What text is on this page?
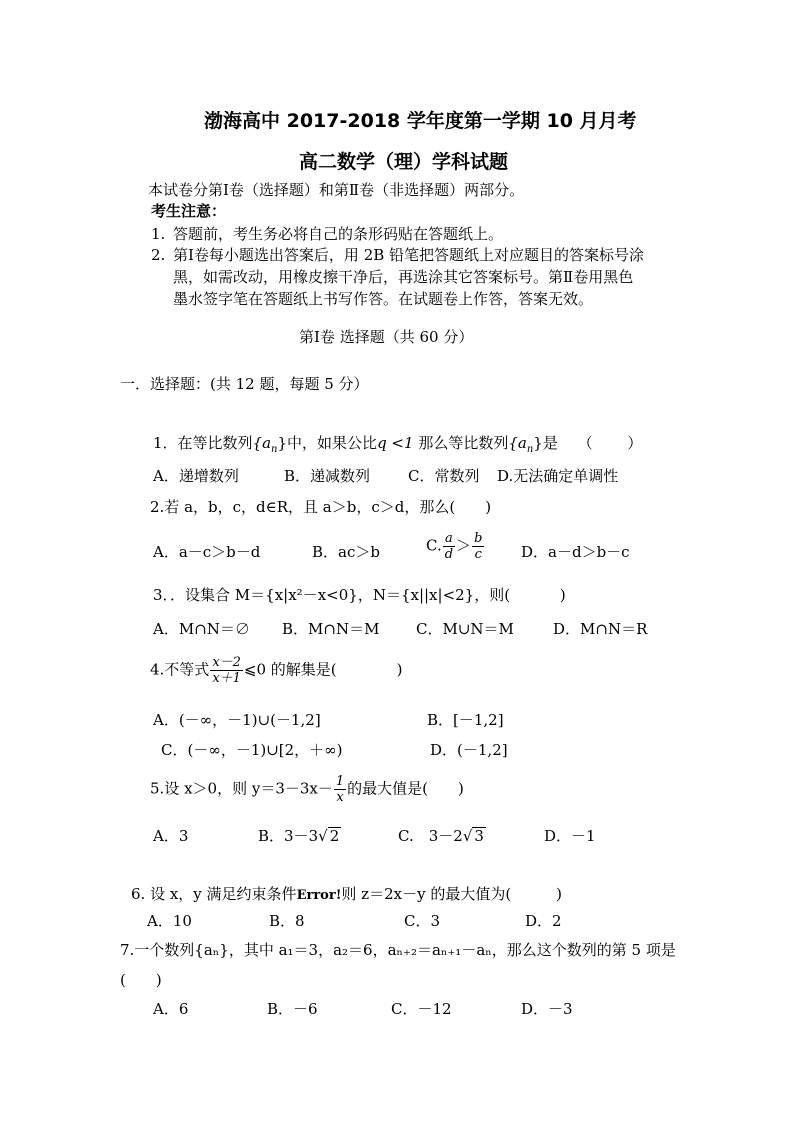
渤海高中 2017-2018 学年度第一学期 10 月月考
高二数学（理）学科试题
本试卷分第Ⅰ卷（选择题）和第Ⅱ卷（非选择题）两部分。
考生注意：
1. 答题前，考生务必将自己的条形码贴在答题纸上。
2. 第Ⅰ卷每小题选出答案后，用 2B 铅笔把答题纸上对应题目的答案标号涂
黑，如需改动，用橡皮擦干净后，再选涂其它答案标号。第Ⅱ卷用黑色
墨水签字笔在答题纸上书写作答。在试题卷上作答，答案无效。
第Ⅰ卷 选择题（共 60 分）
一．选择题：(共 12 题，每题 5 分）
1．在等比数列$\{a_n\}$中，如果公比q <1 那么等比数列$\{a_n\}$是　 （　　 ）
A．递增数列	B．递减数列	C．常数列 D.无法确定单调性
2.若 a，b，c，d∈R，且 a＞b，c＞d，那么(　　)
A．a－c＞b－d	B．ac＞b	C. $\frac{a}{d} > \frac{b}{c}$ D．a－d＞b－c
3．．设集合 M＝{x|x²－x<0}，N＝{x||x|<2}，则(　　　 )
A．M∩N＝∅ B．M∩N＝M C．M∪N＝M	D．M∩N＝R
4.不等式 $\frac{x-2}{x+1}$ ⩽0 的解集是(　　　　)
A．(－∞，－1)∪(－1,2]	B．[－1,2]
C．(－∞，－1)∪[2，＋∞)	D．(－1,2]
5.设 x＞0，则 $y=3-3x- \frac{1}{x}$ 的最大值是(　　)
A．3	B．3－3√ 2	C.　3－2√ 3	D．－1
6. 设 x，y 满足约束条件Error!则 z＝2x－y 的最大值为(　　　)
A．10	B．8	C．3	D．2
7.一个数列{aₙ}，其中 a₁＝3，a₂＝6，aₙ₊₂＝aₙ₊₁－aₙ，那么这个数列的第 5 项是
(　　)
A．6	B．－6	C．－12	D．－3
